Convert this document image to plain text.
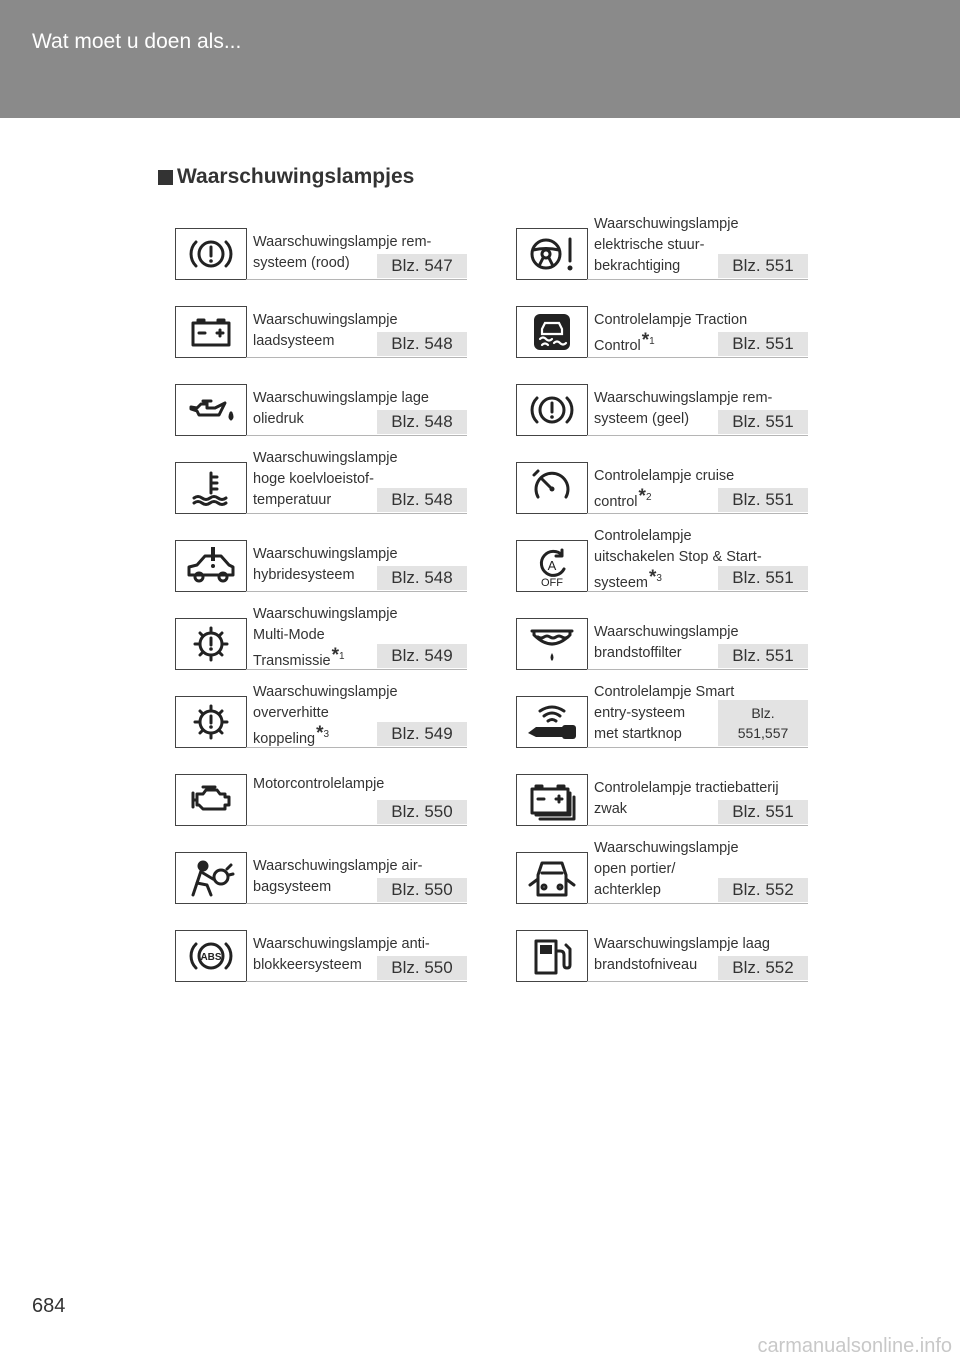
Wat moet u doen als...
Waarschuwingslampjes
Waarschuwingslampje rem-
systeem (rood)	Blz. 547
Waarschuwingslampje
laadsysteem	Blz. 548
Waarschuwingslampje lage
oliedruk	Blz. 548
Waarschuwingslampje
hoge koelvloeistof-
temperatuur	Blz. 548
Waarschuwingslampje
hybridesysteem	Blz. 548
Waarschuwingslampje
Multi-Mode
Transmissie*$^1$	Blz. 549
Waarschuwingslampje
oververhitte
koppeling*$^3$	Blz. 549
Motorcontrolelampje
Blz. 550
Waarschuwingslampje air-
bagsysteem	Blz. 550
ABS
Waarschuwingslampje anti-
blokkeersysteem	Blz. 550
Waarschuwingslampje
elektrische stuur-
bekrachtiging	Blz. 551
Controlelampje Traction
Control*$^1$	Blz. 551
Waarschuwingslampje rem-
systeem (geel)	Blz. 551
Controlelampje cruise
control*$^2$	Blz. 551
A
OFF
Controlelampje
uitschakelen Stop & Start-
systeem*$^3$	Blz. 551
Waarschuwingslampje
brandstoffilter	Blz. 551
Controlelampje Smart
entry-systeem
met startknop
Blz.
551,557
Controlelampje tractiebatterij
zwak	Blz. 551
Waarschuwingslampje
open portier/
achterklep	Blz. 552
Waarschuwingslampje laag
brandstofniveau	Blz. 552
684
carmanualsonline.info
